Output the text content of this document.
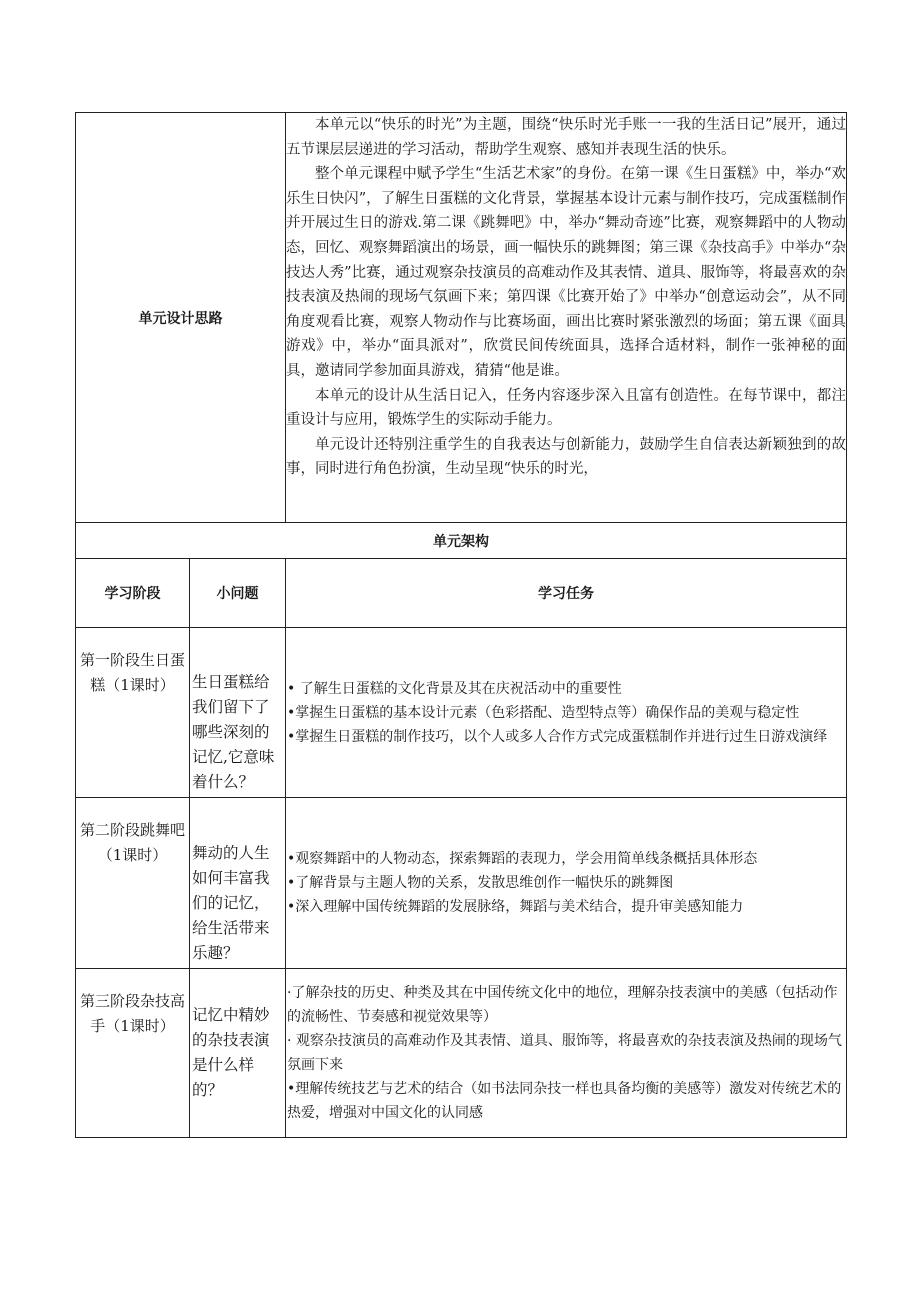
单元设计思路		本单元以“快乐的时光”为主题，围绕“快乐时光手账一一我的生活日记”展开，通过五节课层层递进的学习活动，帮助学生观察、感知并表现生活的快乐。

整个单元课程中赋予学生“生活艺术家”的身份。在第一课《生日蛋糕》中，举办“欢乐生日快闪”，了解生日蛋糕的文化背景，掌握基本设计元素与制作技巧，完成蛋糕制作并开展过生日的游戏.第二课《跳舞吧》中，举办“舞动奇迹”比赛，观察舞蹈中的人物动态，回忆、观察舞蹈演出的场景，画一幅快乐的跳舞图；第三课《杂技高手》中举办“杂技达人秀”比赛，通过观察杂技演员的高难动作及其表情、道具、服饰等，将最喜欢的杂技表演及热闹的现场气氛画下来；第四课《比赛开始了》中举办“创意运动会”，从不同角度观看比赛，观察人物动作与比赛场面，画出比赛时紧张激烈的场面；第五课《面具游戏》中，举办“面具派对”，欣赏民间传统面具，选择合适材料，制作一张神秘的面具，邀请同学参加面具游戏，猜猜“他是谁。

本单元的设计从生活日记入，任务内容逐步深入且富有创造性。在每节课中，都注重设计与应用，锻炼学生的实际动手能力。

单元设计还特别注重学生的自我表达与创新能力，鼓励学生自信表达新颖独到的故事，同时进行角色扮演，生动呈现“快乐的时光，

单元架构		
学习阶段	小问题	学习任务
第一阶段生日蛋糕（1课时）	生日蛋糕给我们留下了哪些深刻的记忆,它意味着什么？	• 了解生日蛋糕的文化背景及其在庆祝活动中的重要性
•掌握生日蛋糕的基本设计元素（色彩搭配、造型特点等）确保作品的美观与稳定性
•掌握生日蛋糕的制作技巧，以个人或多人合作方式完成蛋糕制作并进行过生日游戏演绎

第二阶段跳舞吧（1课时）	舞动的人生如何丰富我们的记忆，给生活带来乐趣？	•观察舞蹈中的人物动态，探索舞蹈的表现力，学会用简单线条概括具体形态
•了解背景与主题人物的关系，发散思维创作一幅快乐的跳舞图
•深入理解中国传统舞蹈的发展脉络，舞蹈与美术结合，提升审美感知能力

第三阶段杂技高手（1课时）	记忆中精妙的杂技表演是什么样的？	·了解杂技的历史、种类及其在中国传统文化中的地位，理解杂技表演中的美感（包括动作的流畅性、节奏感和视觉效果等）
· 观察杂技演员的高难动作及其表情、道具、服饰等，将最喜欢的杂技表演及热闹的现场气氛画下来
•理解传统技艺与艺术的结合（如书法同杂技一样也具备均衡的美感等）激发对传统艺术的热爱，增强对中国文化的认同感
